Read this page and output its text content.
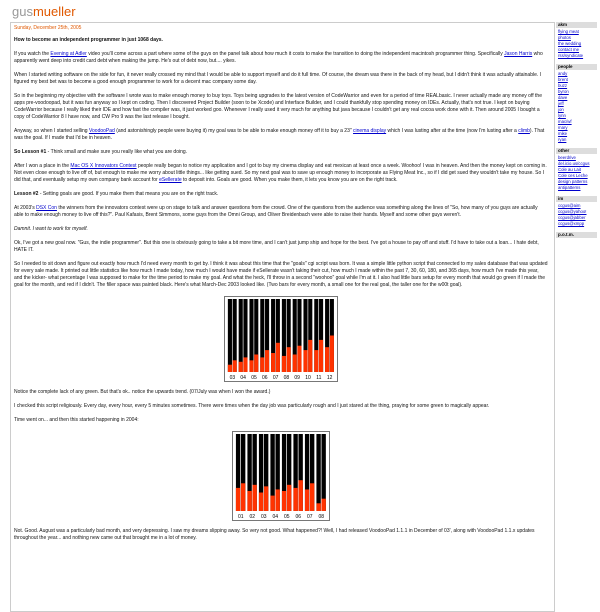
gusmueller
Sunday, December 25th, 2005

How to become an independent programmer in just 1068 days.

If you watch the Evening at Adler video you'll come across a part where some of the guys on the panel talk about how much it costs to make the transition to doing the independent macintosh programmer thing. Specifically Jason Harris who apparently went deep into credit card debt when making the jump. He's out of debt now, but.... yikes.

When I started writing software on the side for fun, it never really crossed my mind that I would be able to support myself and do it full time. Of course, the dream was there in the back of my head, but I didn't think it was actually attainable. I figured my best bet was to become a good enough programmer to work for a decent mac company some day.

So in the beginning my objective with the software I wrote was to make enough money to buy toys. Toys being upgrades to the latest version of CodeWarrior and even for a period of time REALbasic. I never actually made any money off the apps pre-voodoopad, but it was fun anyway so I kept on coding. Then I discovered Project Builder (soon to be Xcode) and Interface Builder, and I could thankfully stop spending money on IDEs. Actually, that's not true. I kept on buying CodeWarrior because I really liked their IDE and how fast the compiler was, it just worked goo. Whenever I really used it very much for anything but java because I couldn't get any real cocoa work done with it. Then around 2005 I bought a copy of CodeWarrior 8 I have now, and CW Pro 9 was the last release I bought.

Anyway, so when I started selling VoodooPad (and astonishingly people were buying it) my goal was to be able to make enough money off it to buy a 23" cinema display which I was lusting after at the time (now I'm lusting after a climb). That was the goal. If I made that I'd be in heaven.

So Lesson #1 - Think small and make sure you really like what you are doing.

After I won a place in the Mac OS X Innovators Contest people really began to notice my application and I got to buy my cinema display and eat mexican at least once a week. Woohoo! I was in heaven. And then the money kept on coming in. Not even close enough to live off of, but enough to make me worry about little things... like getting sued. So my next goal was to save up enough money to incorporate as Flying Meat Inc., so if I did get sued they wouldn't take my house. So I did that, and eventually setup my own company bank account for eSellerate to deposit into. Goals are good. When you make them, it lets you know you are on the right track.

Lesson #2 - Setting goals are good. If you make them that means you are on the right track.

At 2003's DSX Con the winners from the innovators contest were up on stage to talk and answer questions from the crowd. One of the questions from the audience was something along the lines of "So, how many of you guys are actually able to make enough money to live off this?". Paul Kafasis, Brent Simmons, some guys from the Omni Group, and Oliver Breidenbach were able to raise their hands. Myself and some other guys weren't.

Damnit. I want to work for myself.

Ok, I've got a new goal now. "Gus, the indie programmer". But this one is obviously going to take a bit more time, and I can't just jump ship and hope for the best. I've got a house to pay off and stuff. I'd have to take out a loan... I hate debt, HATE IT.

So I needed to sit down and figure out exactly how much I'd need every month to get by. I think it was about this time that the "goals" cgi script was born. It was a simple little python script that connected to my sales database that was updated for every sale made. It printed out little statistics like how much I made today, how much I would have made if eSellerate wasn't taking their cut, how much I made within the past 7, 30, 60, 180, and 365 days, how much I've made this year, and the kicker- what percentage I was supposed to make for the time period to make my goal. And what the heck, I'll throw in a second "woohoo" goal while I'm at it. I also had little bars setup for every month that would go green if I made the goal for the month, and red if I didn't. The filler space was painted black. Here's what March-Dec 2003 looked like. (Two bars for every month, a small one for the real goal, the taller one for the w00t goal).

03 04 05 06 07 08 09 10 11 12

Notice the complete lack of any green. But that's ok.. notice the upwards trend. (07/July was when I won the award.)

I checked this script religiously. Every day, every hour, every 5 minutes sometimes. There were times when the day job was particularly rough and I just stared at the thing, praying for some green to magically appear.

Time went on... and then this started happening in 2004:

01 02 03 04 05 06 07 08

Not. Good. August was a particularly bad month, and very depressing. I saw my dreams slipping away. So very not good. What happened?! Well, I had released VoodooPad 1.1.1 in December of 03', along with VoodooPad 1.1.x updates throughout the year... and nothing new came out that brought me in a lot of money.

akm
flying meat
photos
the wedding
contact me
rss/syndicate
people
andy
brent
buzz
byron
dave
jeff
jon
lynn
mac/wf
mary
mike
ryan
other
beerdrive
del.icio.us/ccgus
Cole au Lait
Cole ces Leche
design patterns
antipatterns
im
ccgus@aim
ccgus@yahoo!
ccgus@jabber
ccgus@xmpp
p.o.t.m.
